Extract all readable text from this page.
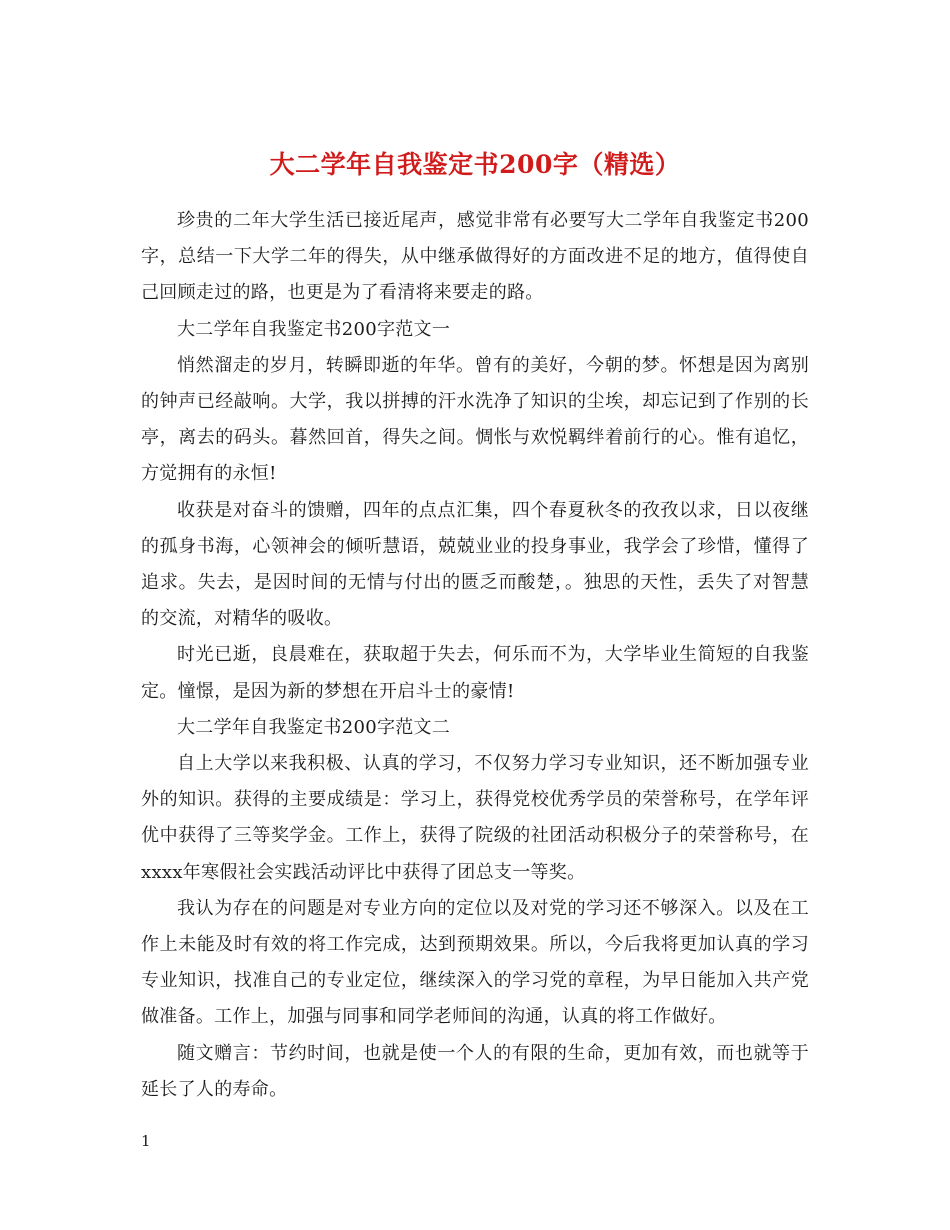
大二学年自我鉴定书200字（精选）

珍贵的二年大学生活已接近尾声，感觉非常有必要写大二学年自我鉴定书200字，总结一下大学二年的得失，从中继承做得好的方面改进不足的地方，值得使自己回顾走过的路，也更是为了看清将来要走的路。

大二学年自我鉴定书200字范文一

悄然溜走的岁月，转瞬即逝的年华。曾有的美好，今朝的梦。怀想是因为离别的钟声已经敲响。大学，我以拼搏的汗水洗净了知识的尘埃，却忘记到了作别的长亭，离去的码头。暮然回首，得失之间。惆怅与欢悦羁绊着前行的心。惟有追忆，方觉拥有的永恒!

收获是对奋斗的馈赠，四年的点点汇集，四个春夏秋冬的孜孜以求，日以夜继的孤身书海，心领神会的倾听慧语，兢兢业业的投身事业，我学会了珍惜，懂得了追求。失去，是因时间的无情与付出的匮乏而酸楚，。独思的天性，丢失了对智慧的交流，对精华的吸收。

时光已逝，良晨难在，获取超于失去，何乐而不为，大学毕业生简短的自我鉴定。憧憬，是因为新的梦想在开启斗士的豪情!

大二学年自我鉴定书200字范文二

自上大学以来我积极、认真的学习，不仅努力学习专业知识，还不断加强专业外的知识。获得的主要成绩是：学习上，获得党校优秀学员的荣誉称号，在学年评优中获得了三等奖学金。工作上，获得了院级的社团活动积极分子的荣誉称号，在xxxx年寒假社会实践活动评比中获得了团总支一等奖。

我认为存在的问题是对专业方向的定位以及对党的学习还不够深入。以及在工作上未能及时有效的将工作完成，达到预期效果。所以，今后我将更加认真的学习专业知识，找准自己的专业定位，继续深入的学习党的章程，为早日能加入共产党做准备。工作上，加强与同事和同学老师间的沟通，认真的将工作做好。

随文赠言：节约时间，也就是使一个人的有限的生命，更加有效，而也就等于延长了人的寿命。

1
